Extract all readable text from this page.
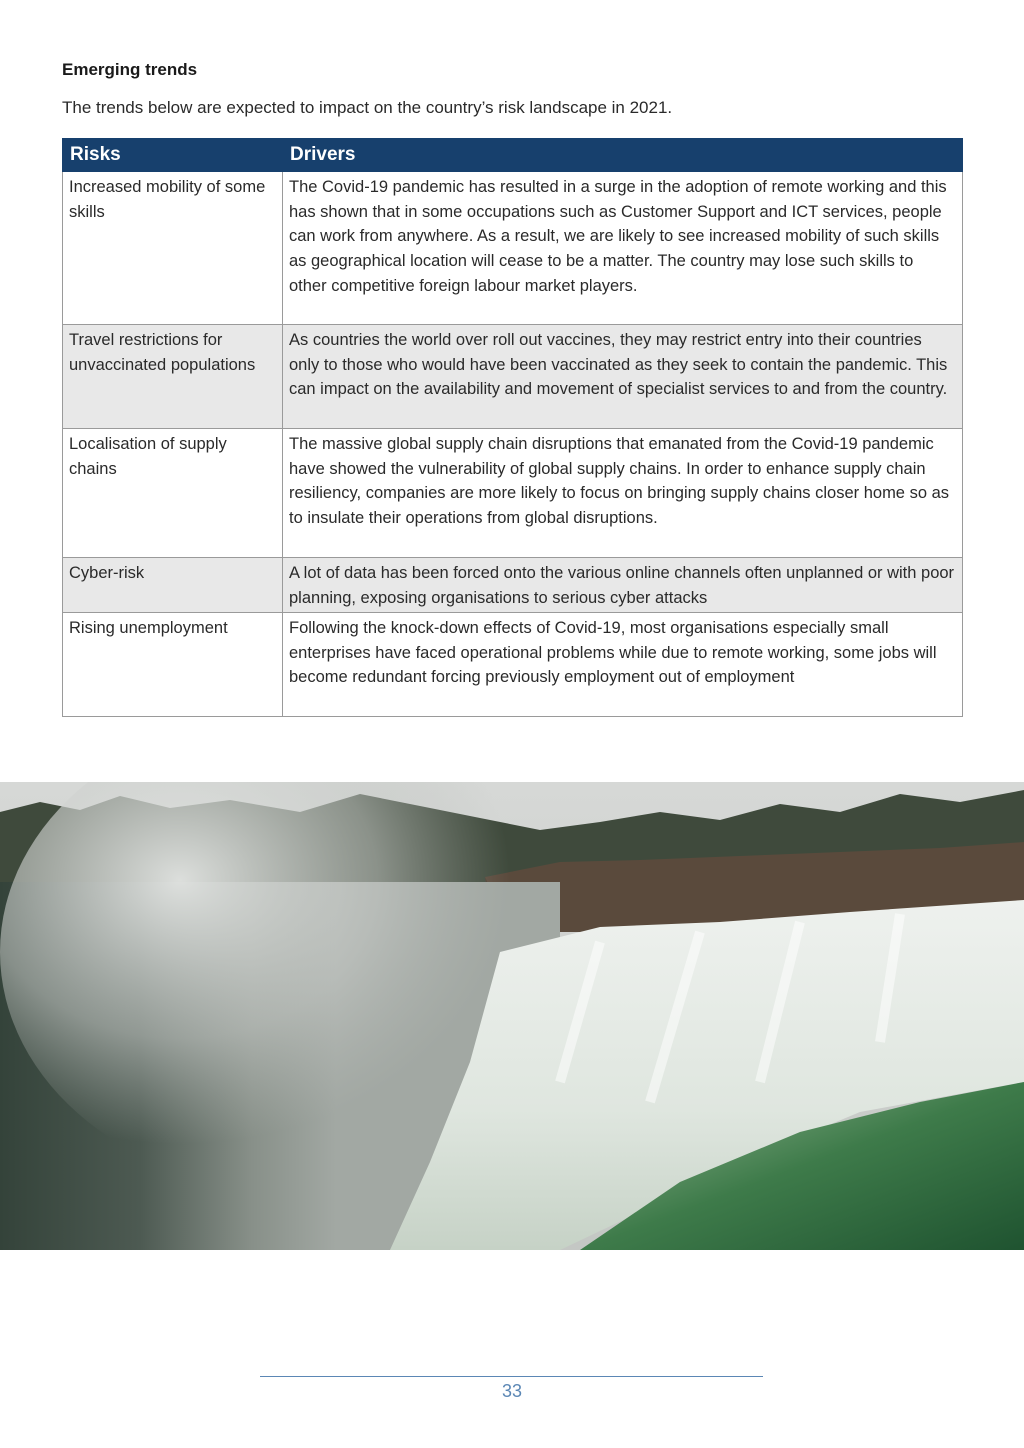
Emerging trends
The trends below are expected to impact on the country’s risk landscape in 2021.
Risks	Drivers
Increased mobility of some skills	The Covid-19 pandemic has resulted in a surge in the adoption of remote working and this has shown that in some occupations such as Customer Support and ICT services, people can work from anywhere. As a result, we are likely to see increased mobility of such skills as geographical location will cease to be a matter. The country may lose such skills to other competitive foreign labour market players.
Travel restrictions for unvaccinated populations	As countries the world over roll out vaccines, they may restrict entry into their countries only to those who would have been vaccinated as they seek to contain the pandemic. This can impact on the availability and movement of specialist services to and from the country.
Localisation of supply chains	The massive global supply chain disruptions that emanated from the Covid-19 pandemic have showed the vulnerability of global supply chains. In order to enhance supply chain resiliency, companies are more likely to focus on bringing supply chains closer home so as to insulate their operations from global disruptions.
Cyber-risk	A lot of data has been forced onto the various online channels often unplanned or with poor planning, exposing organisations to serious cyber attacks
Rising unemployment	Following the knock-down effects of Covid-19, most organisations especially small enterprises have faced operational problems while due to remote working, some jobs will become redundant forcing previously employment out of employment
33
